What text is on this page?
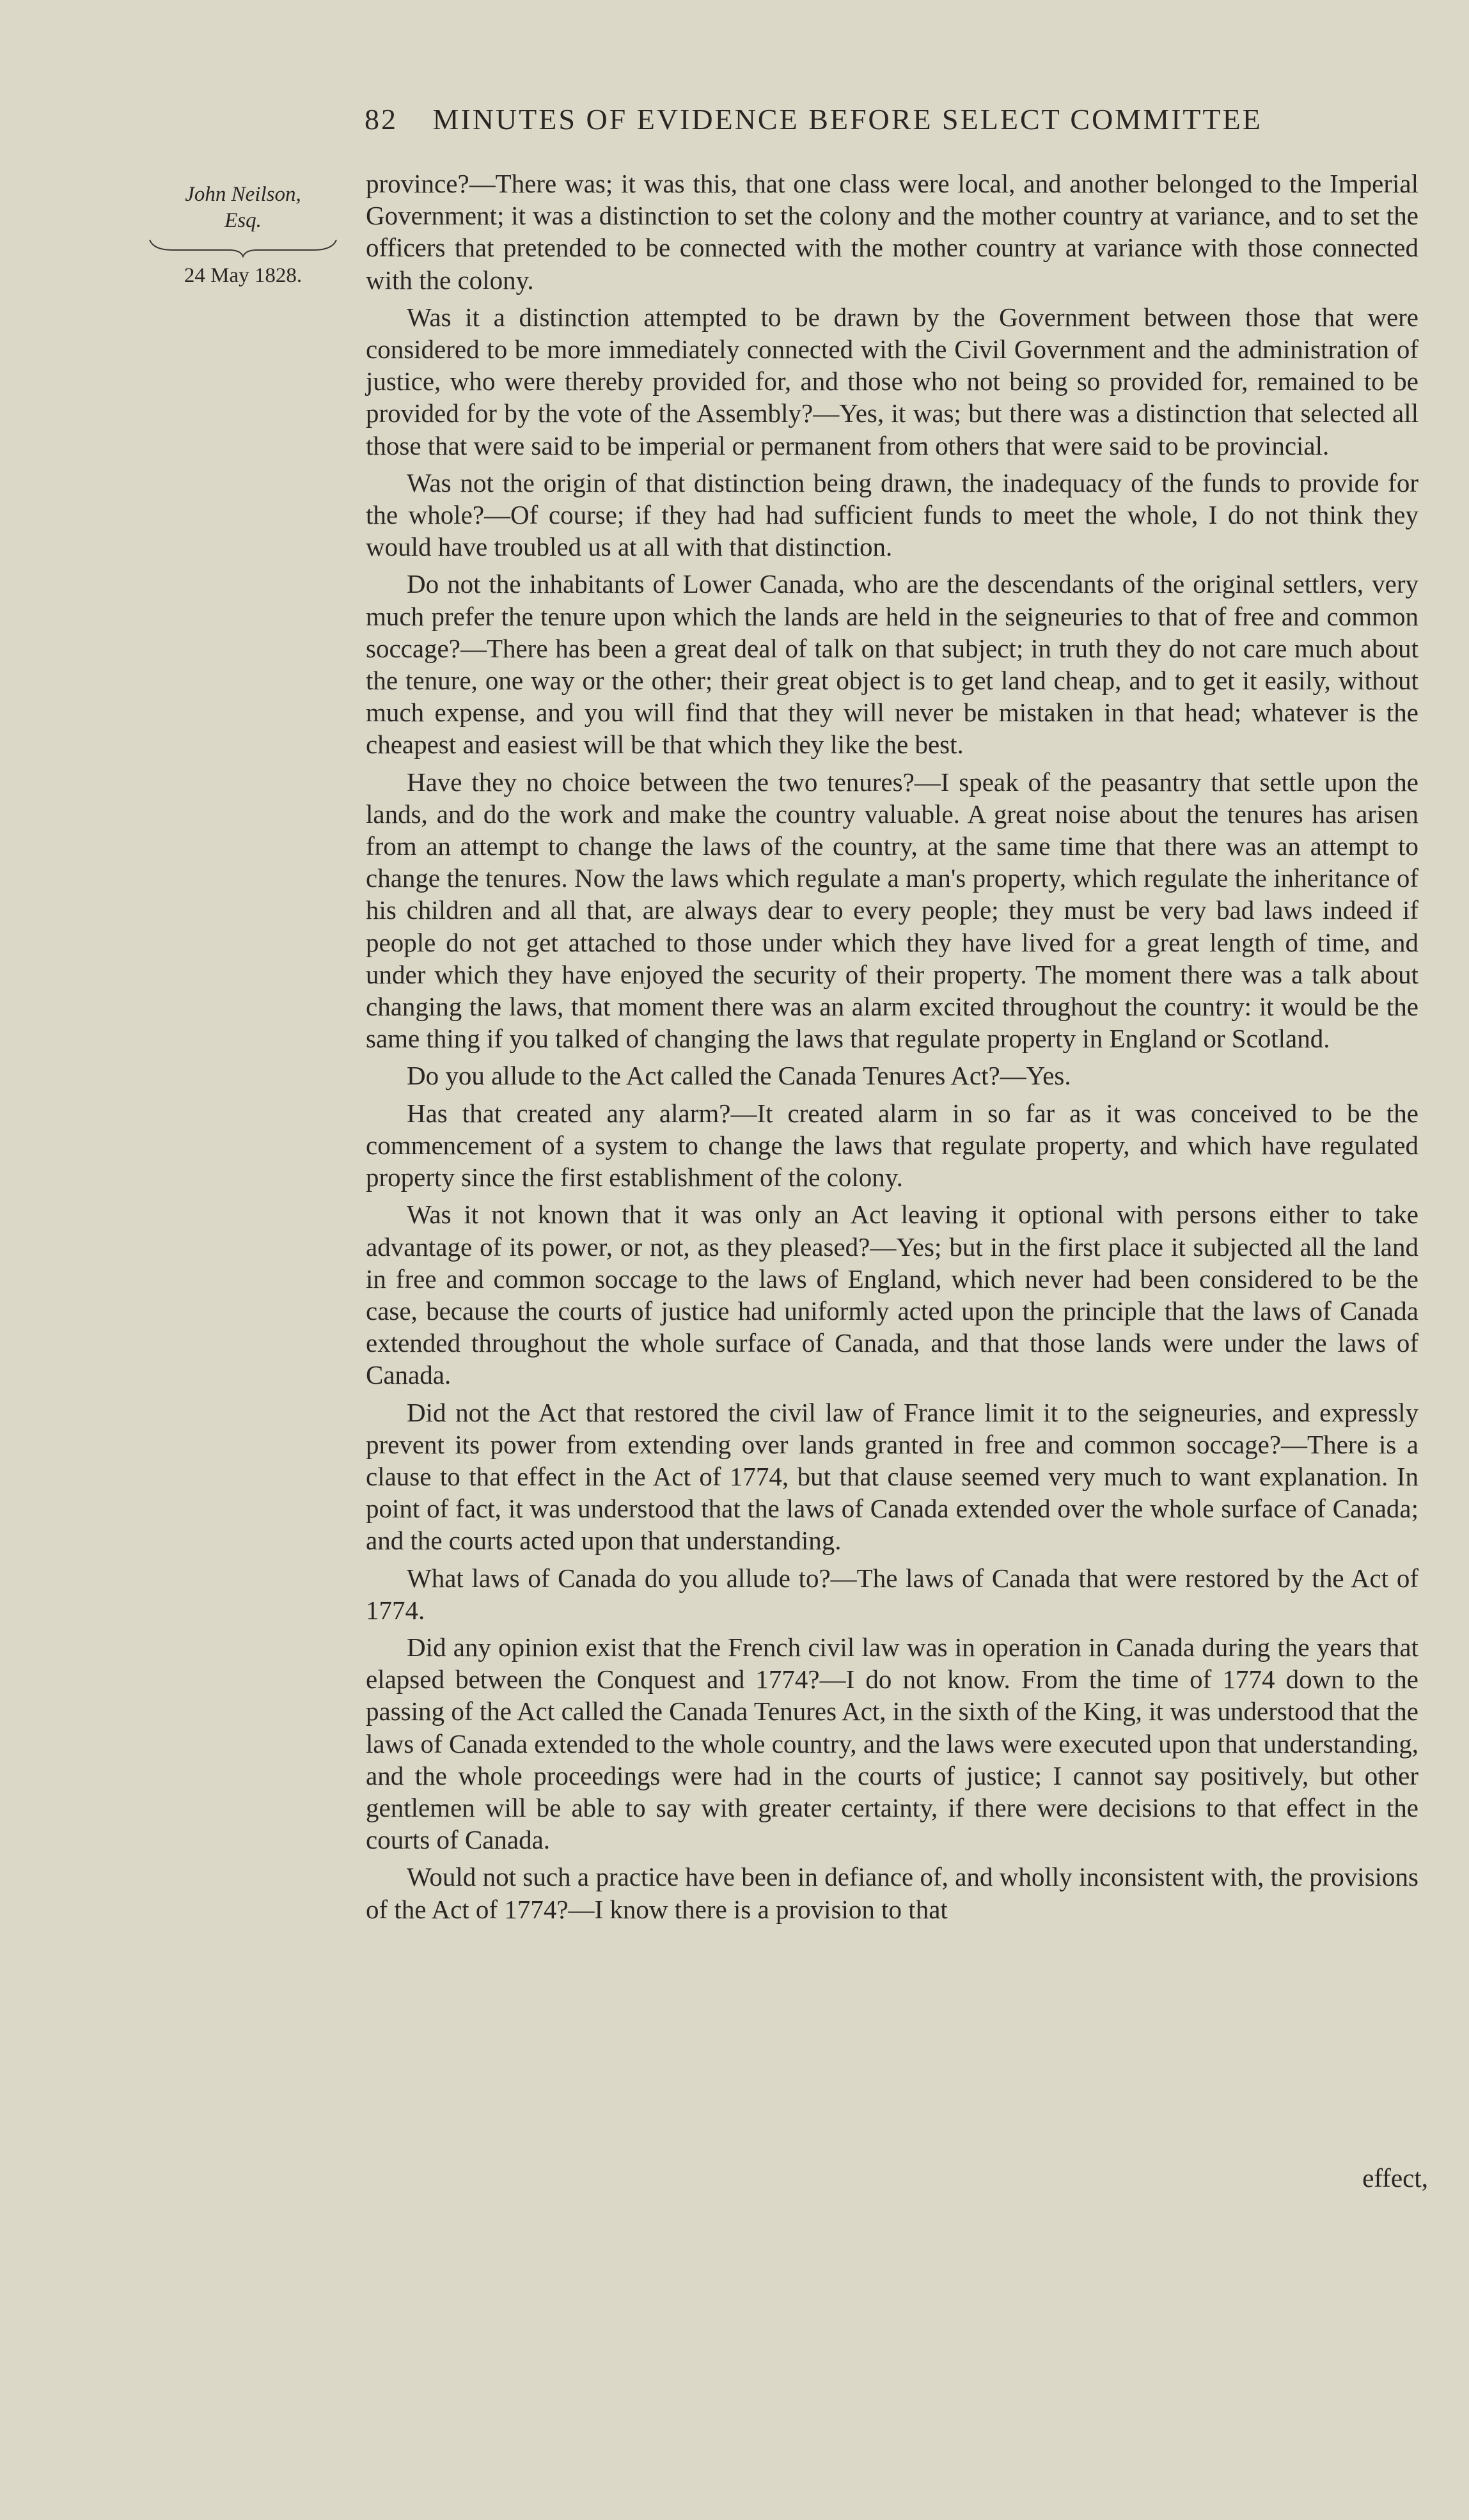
82 MINUTES OF EVIDENCE BEFORE SELECT COMMITTEE
John Neilson,
Esq.
24 May 1828.

province?—There was; it was this, that one class were local, and another belonged to the Imperial Government; it was a distinction to set the colony and the mother country at variance, and to set the officers that pretended to be connected with the mother country at variance with those connected with the colony.

Was it a distinction attempted to be drawn by the Government between those that were considered to be more immediately connected with the Civil Government and the administration of justice, who were thereby provided for, and those who not being so provided for, remained to be provided for by the vote of the Assembly?—Yes, it was; but there was a distinction that selected all those that were said to be imperial or permanent from others that were said to be provincial.

Was not the origin of that distinction being drawn, the inadequacy of the funds to provide for the whole?—Of course; if they had had sufficient funds to meet the whole, I do not think they would have troubled us at all with that distinction.

Do not the inhabitants of Lower Canada, who are the descendants of the original settlers, very much prefer the tenure upon which the lands are held in the seigneuries to that of free and common soccage?—There has been a great deal of talk on that subject; in truth they do not care much about the tenure, one way or the other; their great object is to get land cheap, and to get it easily, without much expense, and you will find that they will never be mistaken in that head; whatever is the cheapest and easiest will be that which they like the best.

Have they no choice between the two tenures?—I speak of the peasantry that settle upon the lands, and do the work and make the country valuable. A great noise about the tenures has arisen from an attempt to change the laws of the country, at the same time that there was an attempt to change the tenures. Now the laws which regulate a man's property, which regulate the inheritance of his children and all that, are always dear to every people; they must be very bad laws indeed if people do not get attached to those under which they have lived for a great length of time, and under which they have enjoyed the security of their property. The moment there was a talk about changing the laws, that moment there was an alarm excited throughout the country: it would be the same thing if you talked of changing the laws that regulate property in England or Scotland.

Do you allude to the Act called the Canada Tenures Act?—Yes.

Has that created any alarm?—It created alarm in so far as it was conceived to be the commencement of a system to change the laws that regulate property, and which have regulated property since the first establishment of the colony.

Was it not known that it was only an Act leaving it optional with persons either to take advantage of its power, or not, as they pleased?—Yes; but in the first place it subjected all the land in free and common soccage to the laws of England, which never had been considered to be the case, because the courts of justice had uniformly acted upon the principle that the laws of Canada extended throughout the whole surface of Canada, and that those lands were under the laws of Canada.

Did not the Act that restored the civil law of France limit it to the seigneuries, and expressly prevent its power from extending over lands granted in free and common soccage?—There is a clause to that effect in the Act of 1774, but that clause seemed very much to want explanation. In point of fact, it was understood that the laws of Canada extended over the whole surface of Canada; and the courts acted upon that understanding.

What laws of Canada do you allude to?—The laws of Canada that were restored by the Act of 1774.

Did any opinion exist that the French civil law was in operation in Canada during the years that elapsed between the Conquest and 1774?—I do not know. From the time of 1774 down to the passing of the Act called the Canada Tenures Act, in the sixth of the King, it was understood that the laws of Canada extended to the whole country, and the laws were executed upon that understanding, and the whole proceedings were had in the courts of justice; I cannot say positively, but other gentlemen will be able to say with greater certainty, if there were decisions to that effect in the courts of Canada.

Would not such a practice have been in defiance of, and wholly inconsistent with, the provisions of the Act of 1774?—I know there is a provision to that

effect,
